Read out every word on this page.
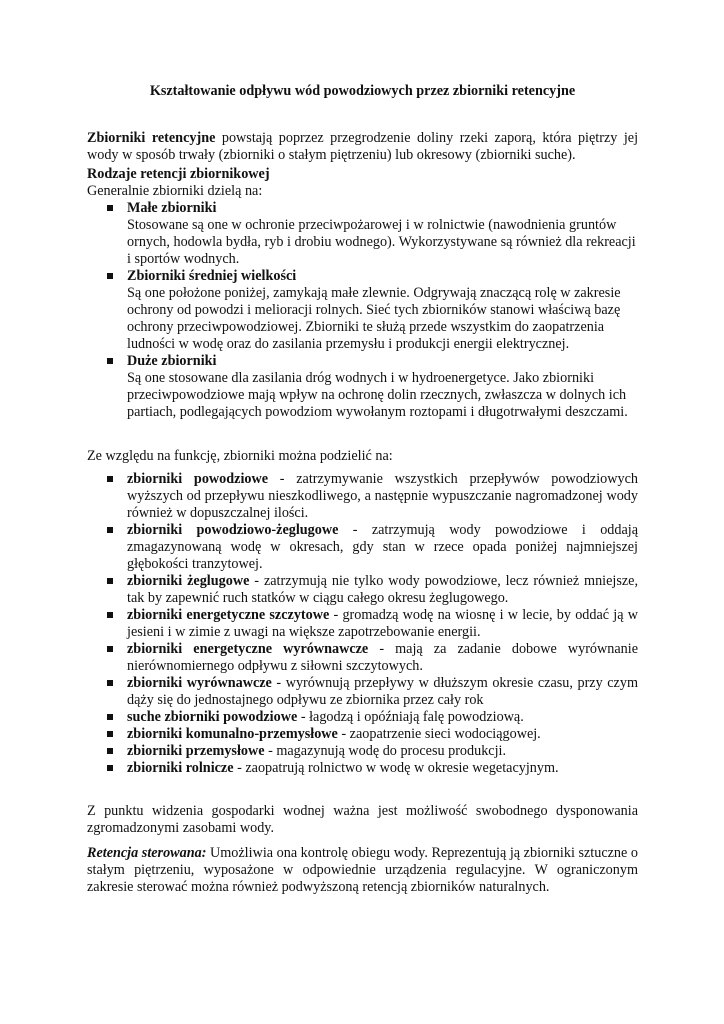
Kształtowanie odpływu wód powodziowych przez zbiorniki retencyjne

Zbiorniki retencyjne powstają poprzez przegrodzenie doliny rzeki zaporą, która piętrzy jej wody w sposób trwały (zbiorniki o stałym piętrzeniu) lub okresowy (zbiorniki suche).

Rodzaje retencji zbiornikowej

Generalnie zbiorniki dzielą na:

Małe zbiorniki
Stosowane są one w ochronie przeciwpożarowej i w rolnictwie (nawodnienia gruntów ornych, hodowla bydła, ryb i drobiu wodnego). Wykorzystywane są również dla rekreacji i sportów wodnych.
Zbiorniki średniej wielkości
Są one położone poniżej, zamykają małe zlewnie. Odgrywają znaczącą rolę w zakresie ochrony od powodzi i melioracji rolnych. Sieć tych zbiorników stanowi właściwą bazę ochrony przeciwpowodziowej. Zbiorniki te służą przede wszystkim do zaopatrzenia ludności w wodę oraz do zasilania przemysłu i produkcji energii elektrycznej.
Duże zbiorniki
Są one stosowane dla zasilania dróg wodnych i w hydroenergetyce. Jako zbiorniki przeciwpowodziowe mają wpływ na ochronę dolin rzecznych, zwłaszcza w dolnych ich partiach, podlegających powodziom wywołanym roztopami i długotrwałymi deszczami.

Ze względu na funkcję, zbiorniki można podzielić na:

zbiorniki powodziowe - zatrzymywanie wszystkich przepływów powodziowych wyższych od przepływu nieszkodliwego, a następnie wypuszczanie nagromadzonej wody również w dopuszczalnej ilości.
zbiorniki powodziowo-żeglugowe - zatrzymują wody powodziowe i oddają zmagazynowaną wodę w okresach, gdy stan w rzece opada poniżej najmniejszej głębokości tranzytowej.
zbiorniki żeglugowe - zatrzymują nie tylko wody powodziowe, lecz również mniejsze, tak by zapewnić ruch statków w ciągu całego okresu żeglugowego.
zbiorniki energetyczne szczytowe - gromadzą wodę na wiosnę i w lecie, by oddać ją w jesieni i w zimie z uwagi na większe zapotrzebowanie energii.
zbiorniki energetyczne wyrównawcze - mają za zadanie dobowe wyrównanie nierównomiernego odpływu z siłowni szczytowych.
zbiorniki wyrównawcze - wyrównują przepływy w dłuższym okresie czasu, przy czym dąży się do jednostajnego odpływu ze zbiornika przez cały rok
suche zbiorniki powodziowe - łagodzą i opóźniają falę powodziową.
zbiorniki komunalno-przemysłowe - zaopatrzenie sieci wodociągowej.
zbiorniki przemysłowe - magazynują wodę do procesu produkcji.
zbiorniki rolnicze - zaopatrują rolnictwo w wodę w okresie wegetacyjnym.

Z punktu widzenia gospodarki wodnej ważna jest możliwość swobodnego dysponowania zgromadzonymi zasobami wody.

Retencja sterowana: Umożliwia ona kontrolę obiegu wody. Reprezentują ją zbiorniki sztuczne o stałym piętrzeniu, wyposażone w odpowiednie urządzenia regulacyjne. W ograniczonym zakresie sterować można również podwyższoną retencją zbiorników naturalnych.
